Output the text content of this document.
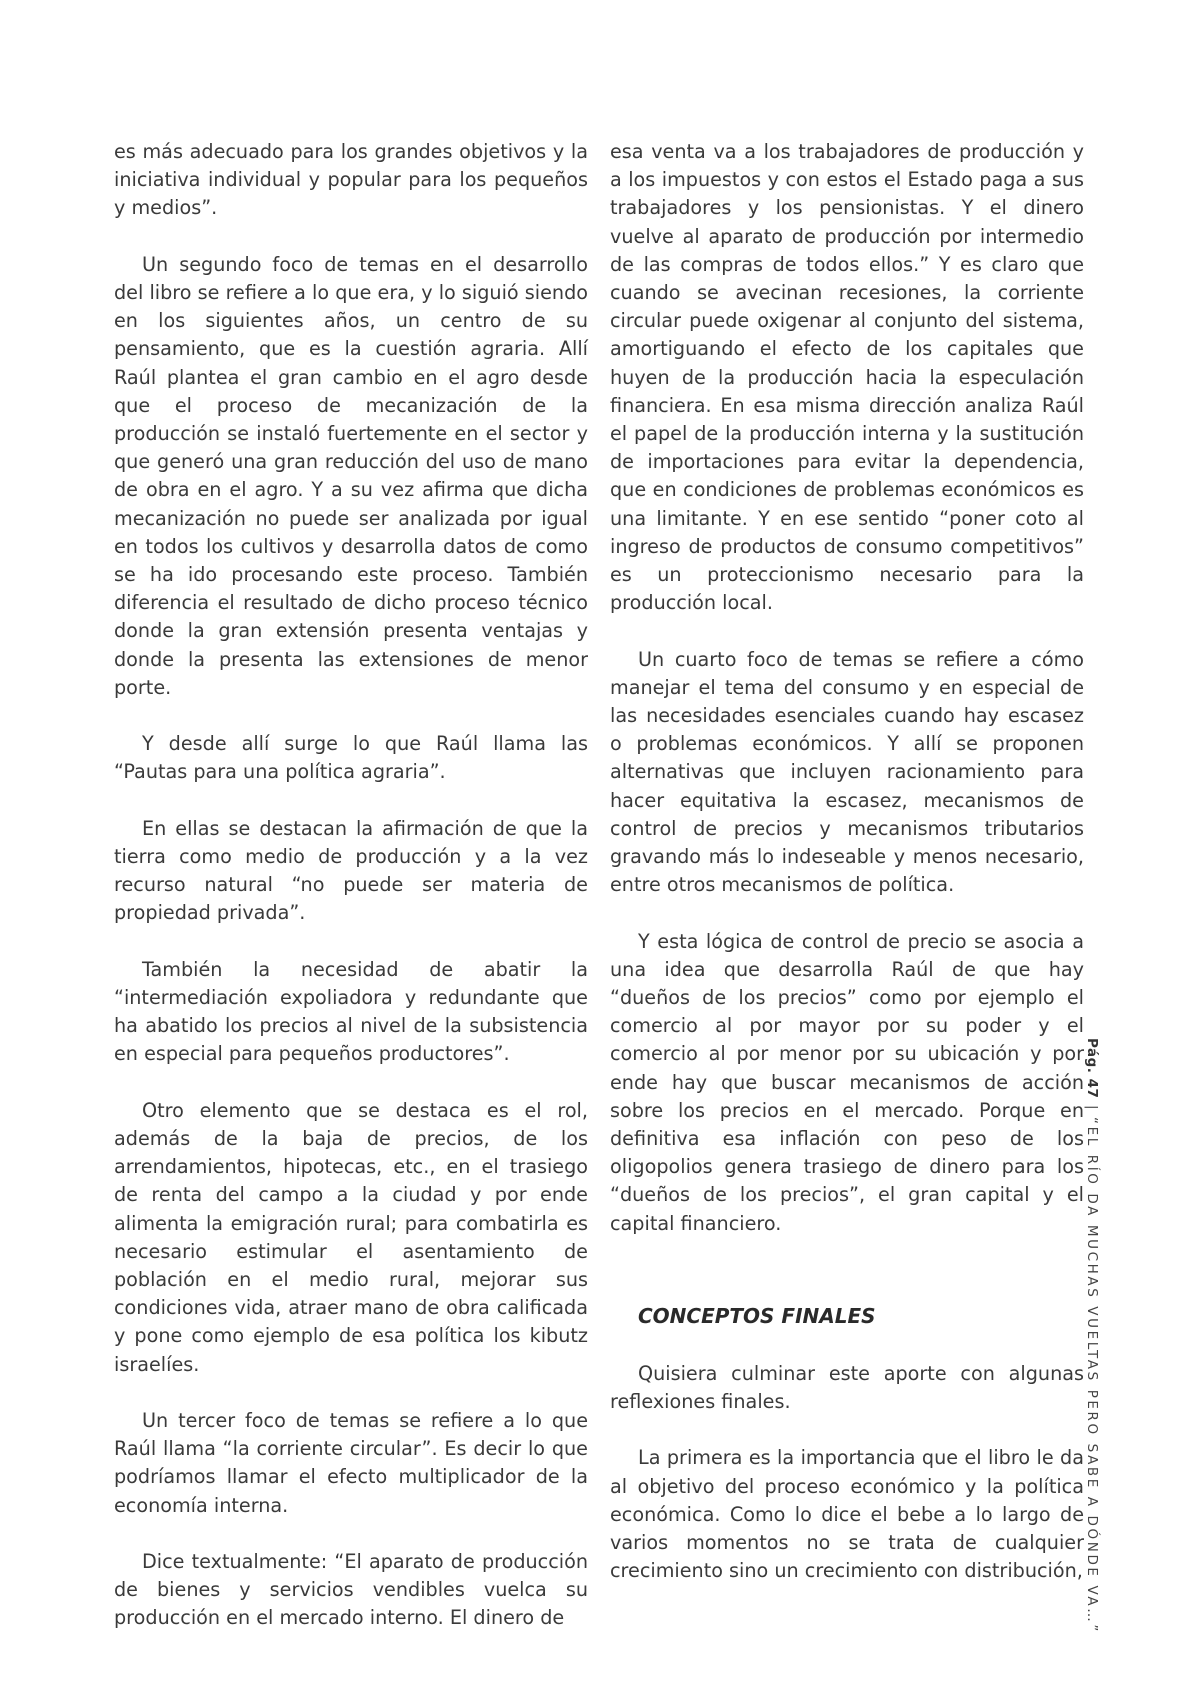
es más adecuado para los grandes objetivos y la iniciativa individual y popular para los pequeños y medios”.

Un segundo foco de temas en el desarrollo del libro se refiere a lo que era, y lo siguió siendo en los siguientes años, un centro de su pensamiento, que es la cuestión agraria. Allí Raúl plantea el gran cambio en el agro desde que el proceso de mecanización de la producción se instaló fuertemente en el sector y que generó una gran reducción del uso de mano de obra en el agro. Y a su vez afirma que dicha mecanización no puede ser analizada por igual en todos los cultivos y desarrolla datos de como se ha ido procesando este proceso. También diferencia el resultado de dicho proceso técnico donde la gran extensión presenta ventajas y donde la presenta las extensiones de menor porte.

Y desde allí surge lo que Raúl llama las “Pautas para una política agraria”.

En ellas se destacan la afirmación de que la tierra como medio de producción y a la vez recurso natural “no puede ser materia de propiedad privada”.

También la necesidad de abatir la “intermediación expoliadora y redundante que ha abatido los precios al nivel de la subsistencia en especial para pequeños productores”.

Otro elemento que se destaca es el rol, además de la baja de precios, de los arrendamientos, hipotecas, etc., en el trasiego de renta del campo a la ciudad y por ende alimenta la emigración rural; para combatirla es necesario estimular el asentamiento de población en el medio rural, mejorar sus condiciones vida, atraer mano de obra calificada y pone como ejemplo de esa política los kibutz israelíes.

Un tercer foco de temas se refiere a lo que Raúl llama “la corriente circular”. Es decir lo que podríamos llamar el efecto multiplicador de la economía interna.

Dice textualmente: “El aparato de producción de bienes y servicios vendibles vuelca su producción en el mercado interno. El dinero de

esa venta va a los trabajadores de producción y a los impuestos y con estos el Estado paga a sus trabajadores y los pensionistas. Y el dinero vuelve al aparato de producción por intermedio de las compras de todos ellos.” Y es claro que cuando se avecinan recesiones, la corriente circular puede oxigenar al conjunto del sistema, amortiguando el efecto de los capitales que huyen de la producción hacia la especulación financiera. En esa misma dirección analiza Raúl el papel de la producción interna y la sustitución de importaciones para evitar la dependencia, que en condiciones de problemas económicos es una limitante. Y en ese sentido “poner coto al ingreso de productos de consumo competitivos” es un proteccionismo necesario para la producción local.

Un cuarto foco de temas se refiere a cómo manejar el tema del consumo y en especial de las necesidades esenciales cuando hay escasez o problemas económicos. Y allí se proponen alternativas que incluyen racionamiento para hacer equitativa la escasez, mecanismos de control de precios y mecanismos tributarios gravando más lo indeseable y menos necesario, entre otros mecanismos de política.

Y esta lógica de control de precio se asocia a una idea que desarrolla Raúl de que hay “dueños de los precios” como por ejemplo el comercio al por mayor por su poder y el comercio al por menor por su ubicación y por ende hay que buscar mecanismos de acción sobre los precios en el mercado. Porque en definitiva esa inflación con peso de los oligopolios genera trasiego de dinero para los “dueños de los precios”, el gran capital y el capital financiero.

CONCEPTOS FINALES

Quisiera culminar este aporte con algunas reflexiones finales.

La primera es la importancia que el libro le da al objetivo del proceso económico y la política económica. Como lo dice el bebe a lo largo de varios momentos no se trata de cualquier crecimiento sino un crecimiento con distribución,

Pág. 47|“EL RÍO DA MUCHAS VUELTAS PERO SABE A DÓNDE VA…”
